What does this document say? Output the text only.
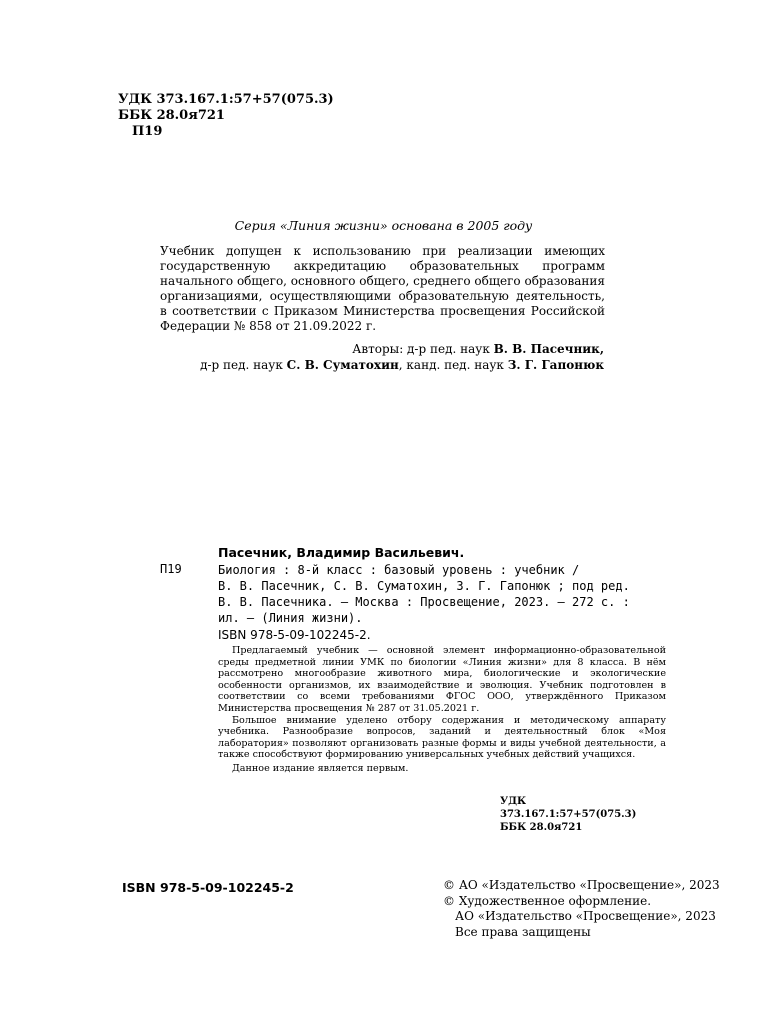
УДК 373.167.1:57+57(075.3)
ББК 28.0я721
П19
Серия «Линия жизни» основана в 2005 году
Учебник допущен к использованию при реализации имеющих государственную аккредитацию образовательных программ начального общего, основного общего, среднего общего образования организациями, осуществляющими образовательную деятельность, в соответствии с Приказом Министерства просвещения Российской Федерации № 858 от 21.09.2022 г.
Авторы: д-р пед. наук В. В. Пасечник,
д-р пед. наук С. В. Суматохин, канд. пед. наук З. Г. Гапонюк
Пасечник, Владимир Васильевич.
П19	Биология : 8-й класс : базовый уровень : учебник /
В. В. Пасечник, С. В. Суматохин, З. Г. Гапонюк ; под ред.
В. В. Пасечника. — Москва : Просвещение, 2023. — 272 с. :
ил. — (Линия жизни).
ISBN 978-5-09-102245-2.

Предлагаемый учебник — основной элемент информационно-образовательной среды предметной линии УМК по биологии «Линия жизни» для 8 класса. В нём рассмотрено многообразие животного мира, биологические и экологические особенности организмов, их взаимодействие и эволюция. Учебник подготовлен в соответствии со всеми требованиями ФГОС ООО, утверждённого Приказом Министерства просвещения № 287 от 31.05.2021 г.

Большое внимание уделено отбору содержания и методическому аппарату учебника. Разнообразие вопросов, заданий и деятельностный блок «Моя лаборатория» позволяют организовать разные формы и виды учебной деятельности, а также способствуют формированию универсальных учебных действий учащихся.

Данное издание является первым.

УДК 373.167.1:57+57(075.3)
ББК 28.0я721
ISBN 978-5-09-102245-2	© АО «Издательство «Просвещение», 2023
© Художественное оформление.
АО «Издательство «Просвещение», 2023
Все права защищены
